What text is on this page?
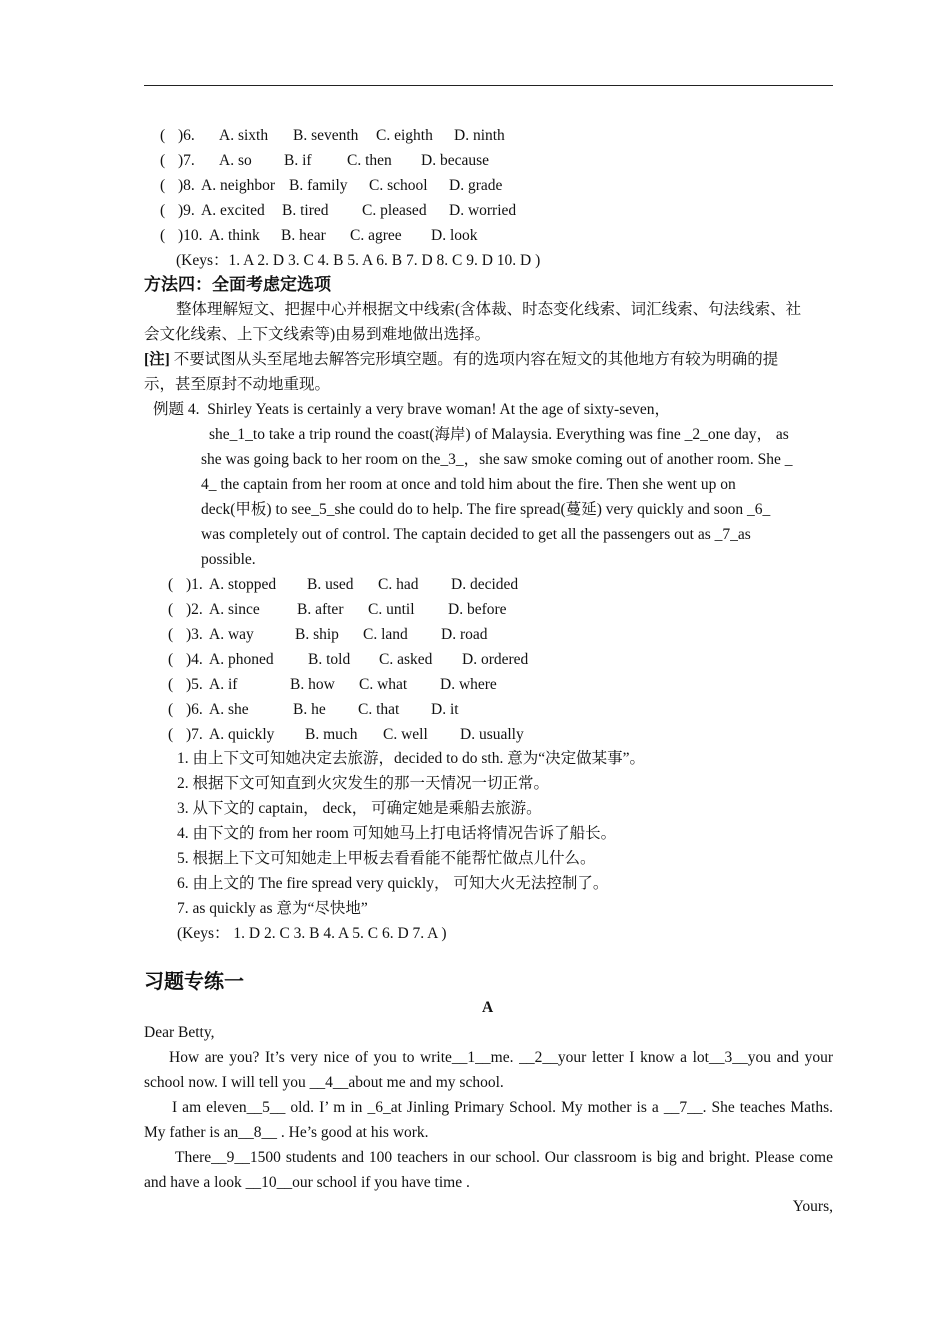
( )6. A. sixth B. seventh C. eighth D. ninth
( )7. A. so B. if C. then D. because
( )8. A. neighbor B. family C. school D. grade
( )9. A. excited B. tired C. pleased D. worried
( )10. A. think B. hear C. agree D. look
(Keys：1. A 2. D 3. C 4. B 5. A 6. B 7. D 8. C 9. D 10. D )
方法四：全面考虑定选项
整体理解短文、把握中心并根据文中线索(含体裁、时态变化线索、词汇线索、句法线索、社
会文化线索、上下文线索等)由易到难地做出选择。
[注] 不要试图从头至尾地去解答完形填空题。有的选项内容在短文的其他地方有较为明确的提
示，甚至原封不动地重现。
例题 4. Shirley Yeats is certainly a very brave woman! At the age of sixty-seven，
she_1_to take a trip round the coast(海岸) of Malaysia. Everything was fine _2_one day， as
she was going back to her room on the_3_，she saw smoke coming out of another room. She _
4_ the captain from her room at once and told him about the fire. Then she went up on
deck(甲板) to see_5_she could do to help. The fire spread(蔓延) very quickly and soon _6_
was completely out of control. The captain decided to get all the passengers out as _7_as
possible.
( )1. A. stopped B. used C. had D. decided
( )2. A. since B. after C. until D. before
( )3. A. way	B. ship C. land D. road
( )4. A. phoned B. told C. asked D. ordered
( )5. A. if	B. how C. what D. where
( )6. A. she	B. he C. that D. it
( )7. A. quickly B. much C. well D. usually
1. 由上下文可知她决定去旅游，decided to do sth. 意为“决定做某事”。
2. 根据下文可知直到火灾发生的那一天情况一切正常。
3. 从下文的 captain， deck， 可确定她是乘船去旅游。
4. 由下文的 from her room 可知她马上打电话将情况告诉了船长。
5. 根据上下文可知她走上甲板去看看能不能帮忙做点儿什么。
6. 由上文的 The fire spread very quickly， 可知大火无法控制了。
7. as quickly as 意为“尽快地”
(Keys： 1. D 2. C 3. B 4. A 5. C 6. D 7. A )
习题专练一
A
Dear Betty,
How are you? It’s very nice of you to write__1__me. __2__your letter I know a lot__3__you and your school now. I will tell you __4__about me and my school.
I am eleven__5__ old. I’ m in _6_at Jinling Primary School. My mother is a __7__. She teaches Maths. My father is an__8__ . He’s good at his work.
There__9__1500 students and 100 teachers in our school. Our classroom is big and bright. Please come and have a look __10__our school if you have time .
Yours,
